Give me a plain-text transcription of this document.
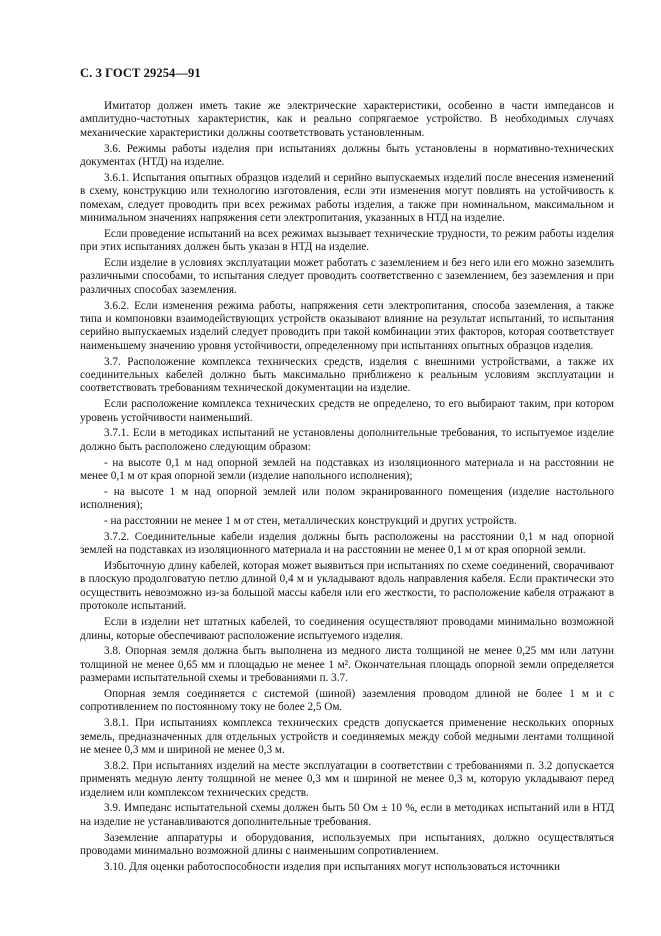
С. 3 ГОСТ 29254—91

Имитатор должен иметь такие же электрические характеристики, особенно в части импедансов и амплитудно-частотных характеристик, как и реально сопрягаемое устройство. В необходимых случаях механические характеристики должны соответствовать установленным.

3.6. Режимы работы изделия при испытаниях должны быть установлены в нормативно-технических документах (НТД) на изделие.

3.6.1. Испытания опытных образцов изделий и серийно выпускаемых изделий после внесения изменений в схему, конструкцию или технологию изготовления, если эти изменения могут повлиять на устойчивость к помехам, следует проводить при всех режимах работы изделия, а также при номинальном, максимальном и минимальном значениях напряжения сети электропитания, указанных в НТД на изделие.

Если проведение испытаний на всех режимах вызывает технические трудности, то режим работы изделия при этих испытаниях должен быть указан в НТД на изделие.

Если изделие в условиях эксплуатации может работать с заземлением и без него или его можно заземлить различными способами, то испытания следует проводить соответственно с заземлением, без заземления и при различных способах заземления.

3.6.2. Если изменения режима работы, напряжения сети электропитания, способа заземления, а также типа и компоновки взаимодействующих устройств оказывают влияние на результат испытаний, то испытания серийно выпускаемых изделий следует проводить при такой комбинации этих факторов, которая соответствует наименьшему значению уровня устойчивости, определенному при испытаниях опытных образцов изделия.

3.7. Расположение комплекса технических средств, изделия с внешними устройствами, а также их соединительных кабелей должно быть максимально приближено к реальным условиям эксплуатации и соответствовать требованиям технической документации на изделие.

Если расположение комплекса технических средств не определено, то его выбирают таким, при котором уровень устойчивости наименьший.

3.7.1. Если в методиках испытаний не установлены дополнительные требования, то испытуемое изделие должно быть расположено следующим образом:

- на высоте 0,1 м над опорной землей на подставках из изоляционного материала и на расстоянии не менее 0,1 м от края опорной земли (изделие напольного исполнения);

- на высоте 1 м над опорной землей или полом экранированного помещения (изделие настольного исполнения);

- на расстоянии не менее 1 м от стен, металлических конструкций и других устройств.

3.7.2. Соединительные кабели изделия должны быть расположены на расстоянии 0,1 м над опорной землей на подставках из изоляционного материала и на расстоянии не менее 0,1 м от края опорной земли.

Избыточную длину кабелей, которая может выявиться при испытаниях по схеме соединений, сворачивают в плоскую продолговатую петлю длиной 0,4 м и укладывают вдоль направления кабеля. Если практически это осуществить невозможно из-за большой массы кабеля или его жесткости, то расположение кабеля отражают в протоколе испытаний.

Если в изделии нет штатных кабелей, то соединения осуществляют проводами минимально возможной длины, которые обеспечивают расположение испытуемого изделия.

3.8. Опорная земля должна быть выполнена из медного листа толщиной не менее 0,25 мм или латуни толщиной не менее 0,65 мм и площадью не менее 1 м². Окончательная площадь опорной земли определяется размерами испытательной схемы и требованиями п. 3.7.

Опорная земля соединяется с системой (шиной) заземления проводом длиной не более 1 м и с сопротивлением по постоянному току не более 2,5 Ом.

3.8.1. При испытаниях комплекса технических средств допускается применение нескольких опорных земель, предназначенных для отдельных устройств и соединяемых между собой медными лентами толщиной не менее 0,3 мм и шириной не менее 0,3 м.

3.8.2. При испытаниях изделий на месте эксплуатации в соответствии с требованиями п. 3.2 допускается применять медную ленту толщиной не менее 0,3 мм и шириной не менее 0,3 м, которую укладывают перед изделием или комплексом технических средств.

3.9. Импеданс испытательной схемы должен быть 50 Ом ± 10 %, если в методиках испытаний или в НТД на изделие не устанавливаются дополнительные требования.

Заземление аппаратуры и оборудования, используемых при испытаниях, должно осуществляться проводами минимально возможной длины с наименьшим сопротивлением.

3.10. Для оценки работоспособности изделия при испытаниях могут использоваться источники
